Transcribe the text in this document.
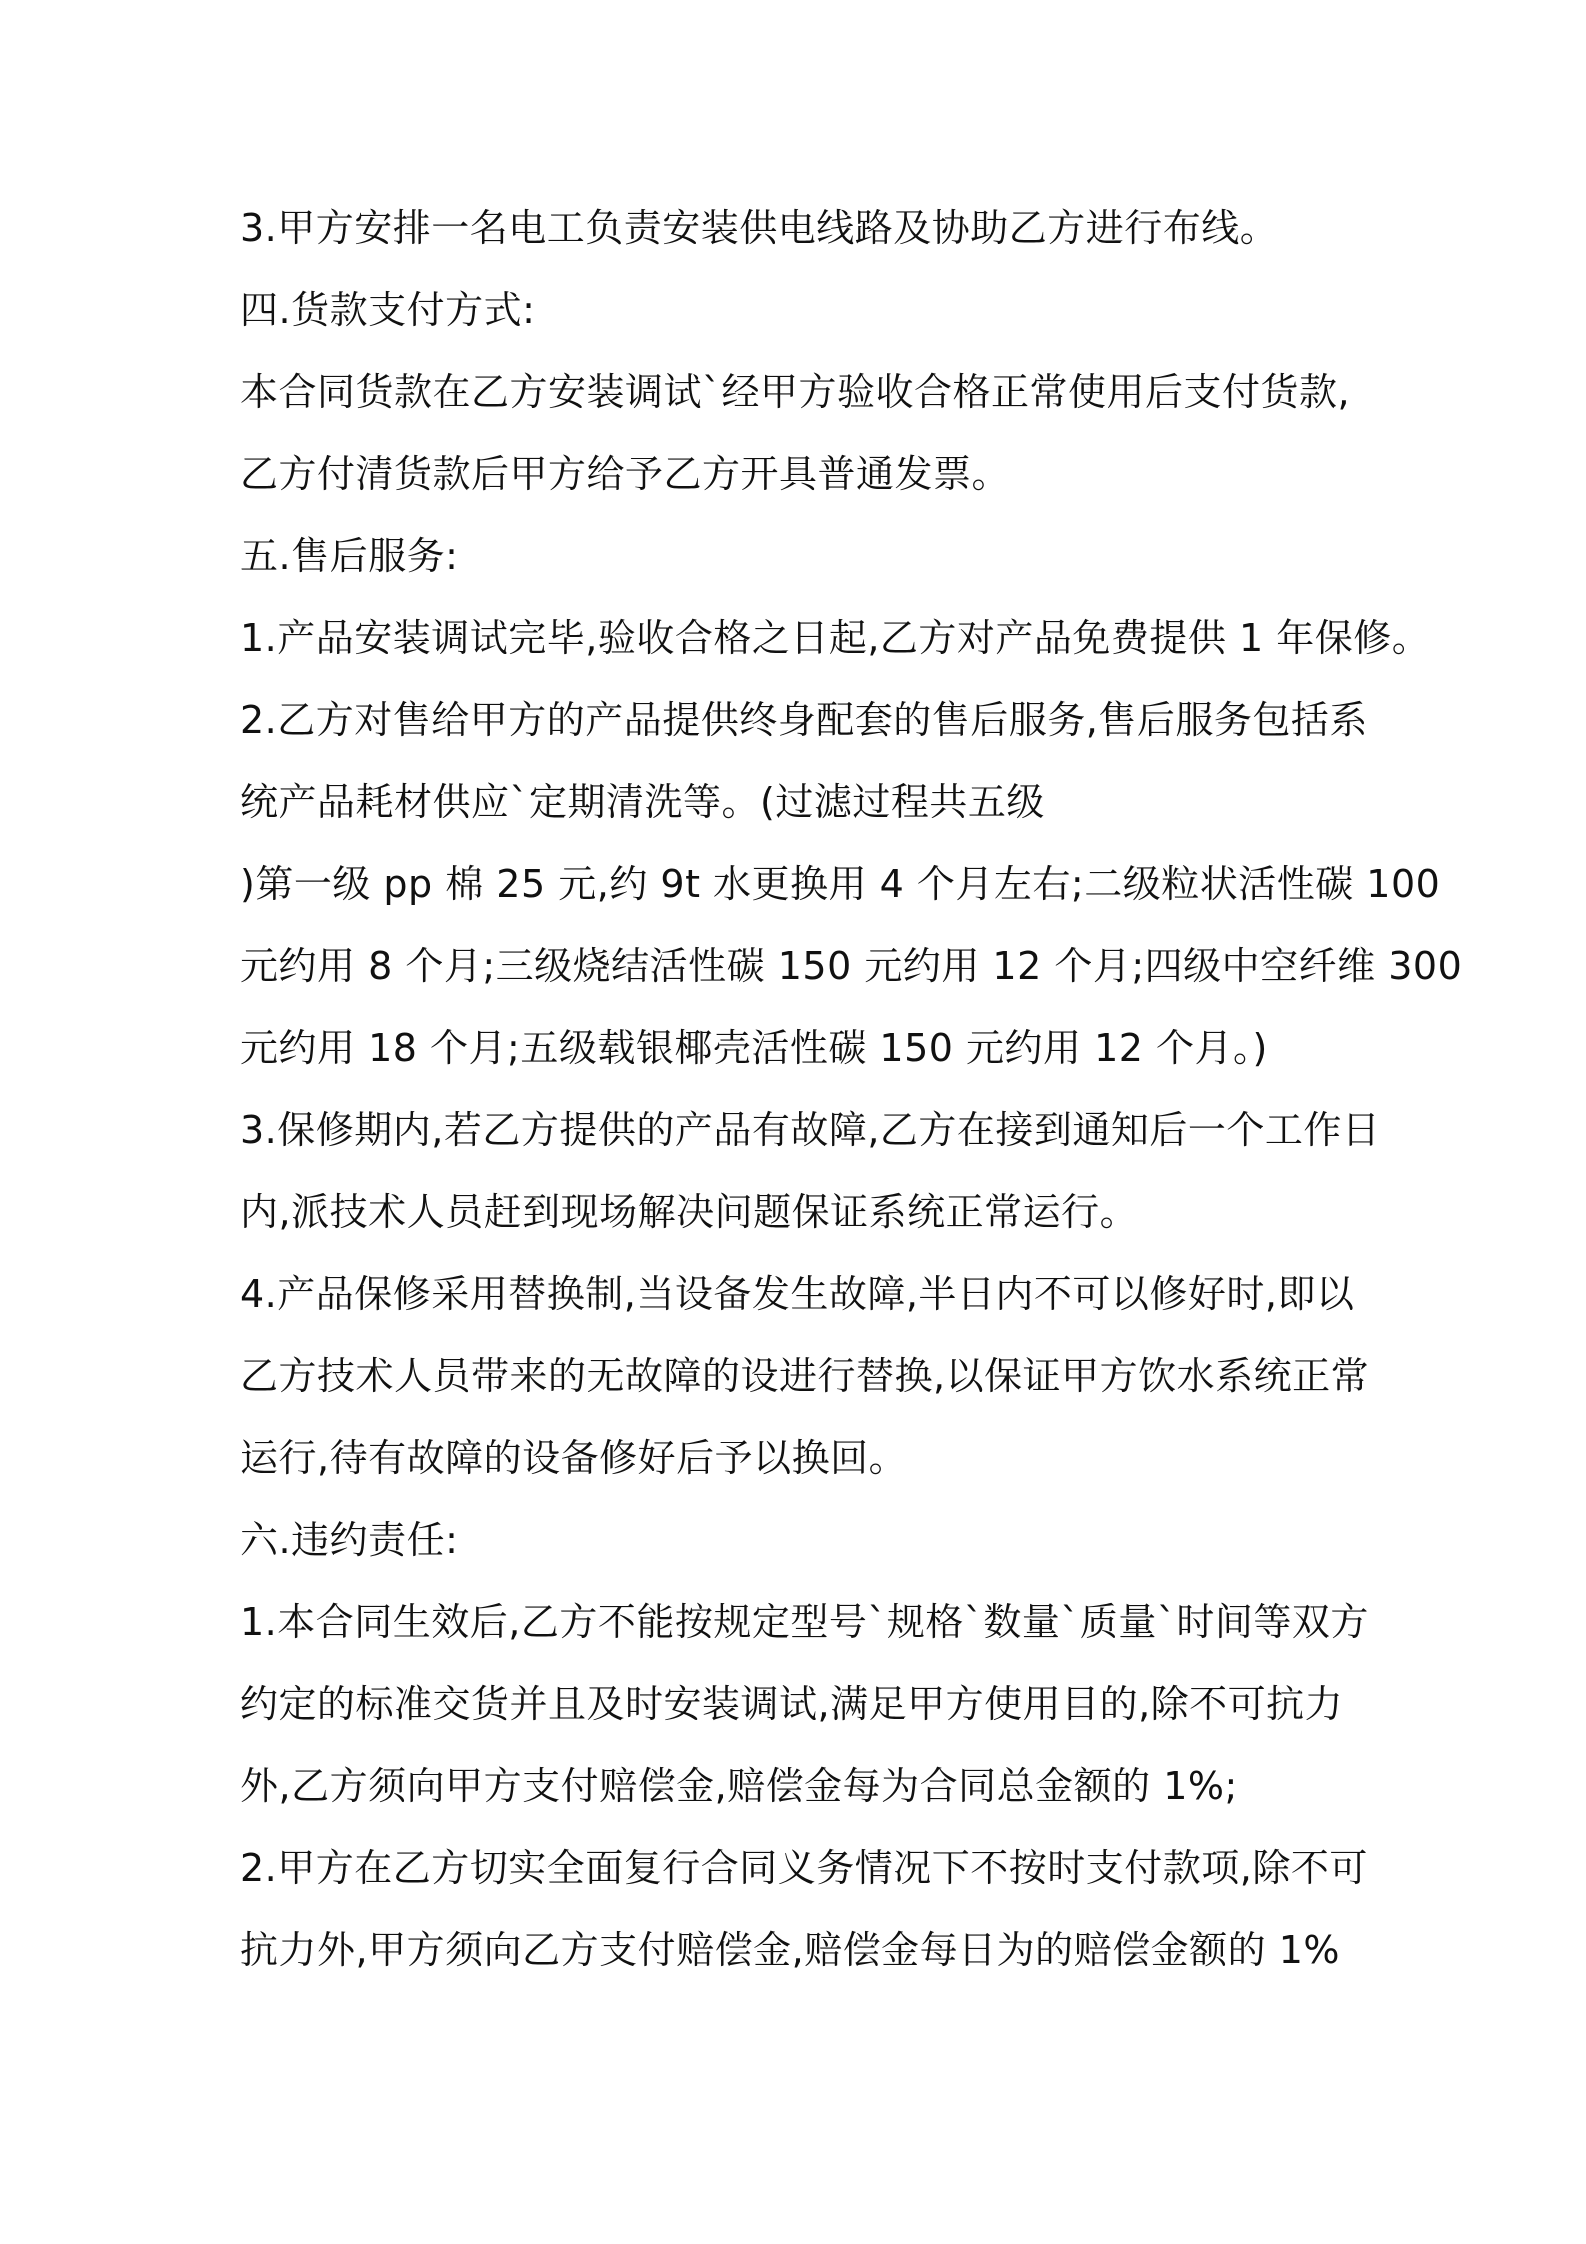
3.甲方安排一名电工负责安装供电线路及协助乙方进行布线。
四.货款支付方式:
本合同货款在乙方安装调试`经甲方验收合格正常使用后支付货款,
乙方付清货款后甲方给予乙方开具普通发票。
五.售后服务:
1.产品安装调试完毕,验收合格之日起,乙方对产品免费提供 1 年保修。
2.乙方对售给甲方的产品提供终身配套的售后服务,售后服务包括系
统产品耗材供应`定期清洗等。(过滤过程共五级
)第一级 pp 棉 25 元,约 9t 水更换用 4 个月左右;二级粒状活性碳 100
元约用 8 个月;三级烧结活性碳 150 元约用 12 个月;四级中空纤维 300
元约用 18 个月;五级载银椰壳活性碳 150 元约用 12 个月。)
3.保修期内,若乙方提供的产品有故障,乙方在接到通知后一个工作日
内,派技术人员赶到现场解决问题保证系统正常运行。
4.产品保修采用替换制,当设备发生故障,半日内不可以修好时,即以
乙方技术人员带来的无故障的设进行替换,以保证甲方饮水系统正常
运行,待有故障的设备修好后予以换回。
六.违约责任:
1.本合同生效后,乙方不能按规定型号`规格`数量`质量`时间等双方
约定的标准交货并且及时安装调试,满足甲方使用目的,除不可抗力
外,乙方须向甲方支付赔偿金,赔偿金每为合同总金额的 1%;
2.甲方在乙方切实全面复行合同义务情况下不按时支付款项,除不可
抗力外,甲方须向乙方支付赔偿金,赔偿金每日为的赔偿金额的 1%
